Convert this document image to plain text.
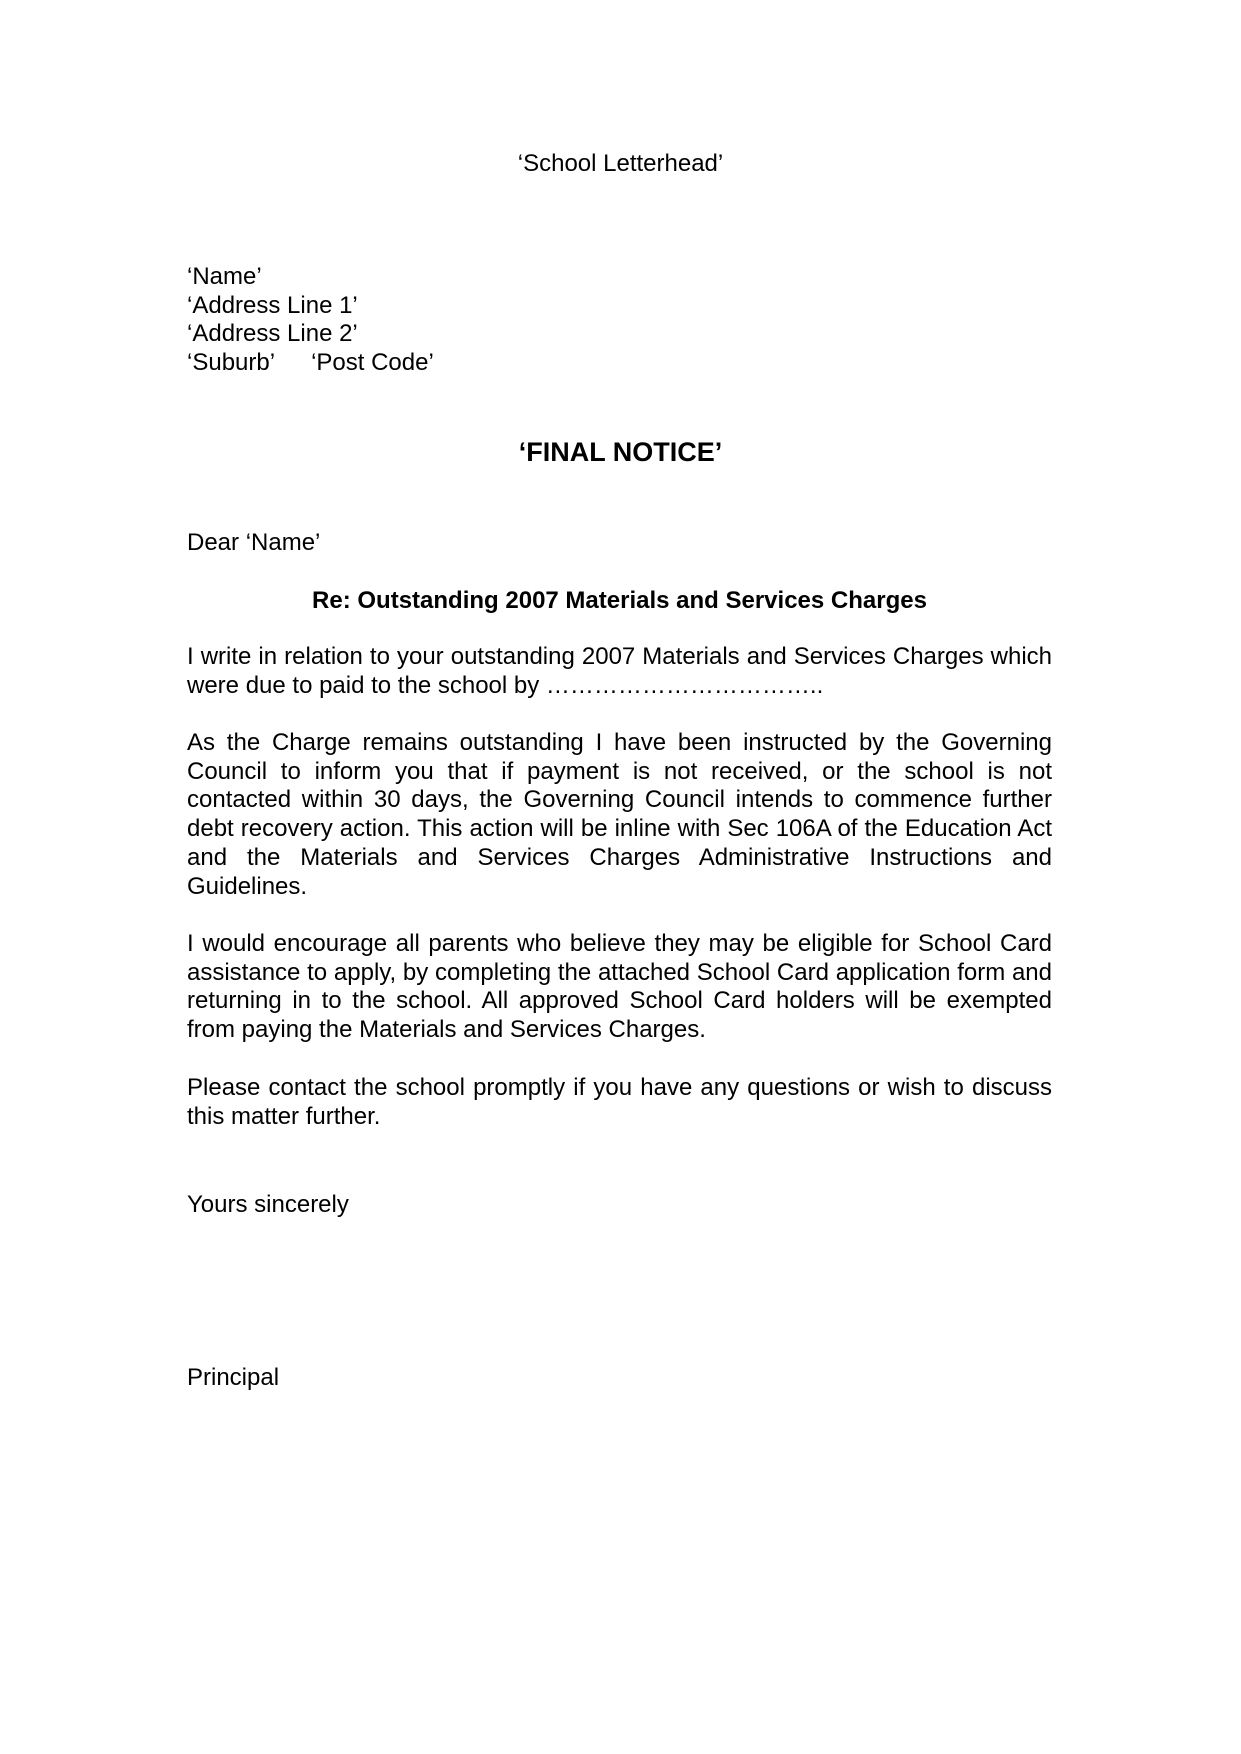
‘School Letterhead’
‘Name’
‘Address Line 1’
‘Address Line 2’
‘Suburb’ ‘Post Code’
‘FINAL NOTICE’
Dear ‘Name’
Re: Outstanding 2007 Materials and Services Charges
I write in relation to your outstanding 2007 Materials and Services Charges which were due to paid to the school by ……………………………..
As the Charge remains outstanding I have been instructed by the Governing Council to inform you that if payment is not received, or the school is not contacted within 30 days, the Governing Council intends to commence further debt recovery action. This action will be inline with Sec 106A of the Education Act and the Materials and Services Charges Administrative Instructions and Guidelines.
I would encourage all parents who believe they may be eligible for School Card assistance to apply, by completing the attached School Card application form and returning in to the school. All approved School Card holders will be exempted from paying the Materials and Services Charges.
Please contact the school promptly if you have any questions or wish to discuss this matter further.
Yours sincerely
Principal
